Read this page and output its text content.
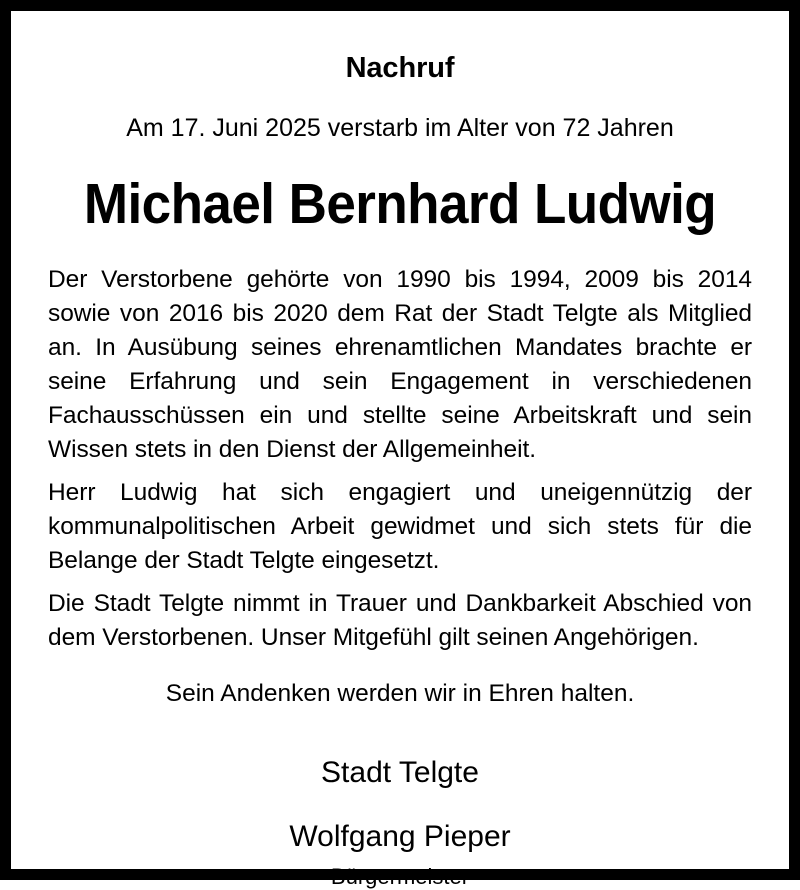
Nachruf

Am 17. Juni 2025 verstarb im Alter von 72 Jahren

Michael Bernhard Ludwig

Der Verstorbene gehörte von 1990 bis 1994, 2009 bis 2014 sowie von 2016 bis 2020 dem Rat der Stadt Telgte als Mitglied an. In Ausübung seines ehrenamtlichen Mandates brachte er seine Erfahrung und sein Engagement in verschiedenen Fachausschüssen ein und stellte seine Arbeitskraft und sein Wissen stets in den Dienst der Allgemeinheit.

Herr Ludwig hat sich engagiert und uneigennützig der kommunalpolitischen Arbeit gewidmet und sich stets für die Belange der Stadt Telgte eingesetzt.

Die Stadt Telgte nimmt in Trauer und Dankbarkeit Abschied von dem Verstorbenen. Unser Mitgefühl gilt seinen Angehörigen.

Sein Andenken werden wir in Ehren halten.

Stadt Telgte

Wolfgang Pieper

Bürgermeister
